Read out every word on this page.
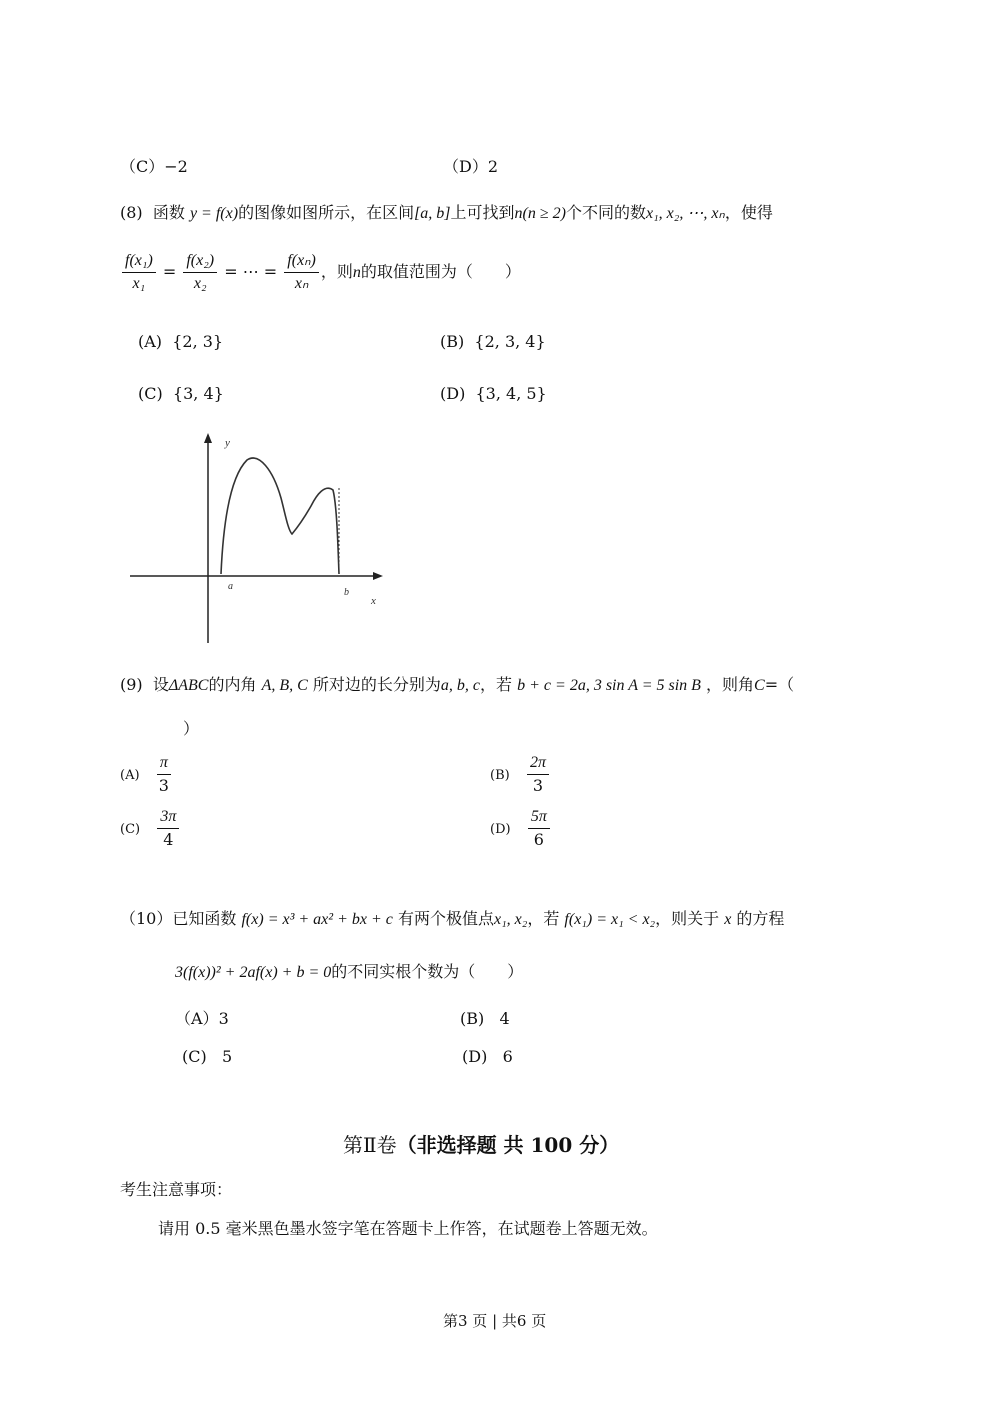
（C）−2	（D）2
(8) 函数 y = f(x)的图像如图所示，在区间[a, b]上可找到n(n ≥ 2)个不同的数x₁, x₂, ⋯, xₙ，使得
$\frac{\text{f(x₁)}}{\text{x₁}} = \frac{\text{f(x₂)}}{\text{x₂}}$ = ⋯ = $\frac{\text{f(xₙ)}}{\text{xₙ}}$ ，则n的取值范围为（　　）
(A) {2, 3}	(B) {2, 3, 4}
(C) {3, 4}	(D) {3, 4, 5}
y
x
a
b
(9) 设ΔABC的内角 A, B, C 所对边的长分别为a, b, c，若 b + c = 2a, 3 sin A = 5 sin B ，则角C=（
）
$(A) \frac{\pi}{3}$	$(B) \frac{2\pi}{3}$
$(C) \frac{3\pi}{4}$	$(D) \frac{5\pi}{6}$
（10）已知函数 f(x) = x³ + ax² + bx + c 有两个极值点x₁, x₂，若 f(x₁) = x₁ < x₂，则关于 x 的方程
3(f(x))² + 2af(x) + b = 0的不同实根个数为（　　）
（A）3	(B) 4
(C) 5	(D) 6
第Ⅱ卷（非选择题 共 100 分）
考生注意事项：
请用 0.5 毫米黑色墨水签字笔在答题卡上作答，在试题卷上答题无效。
第3 页 | 共6 页
